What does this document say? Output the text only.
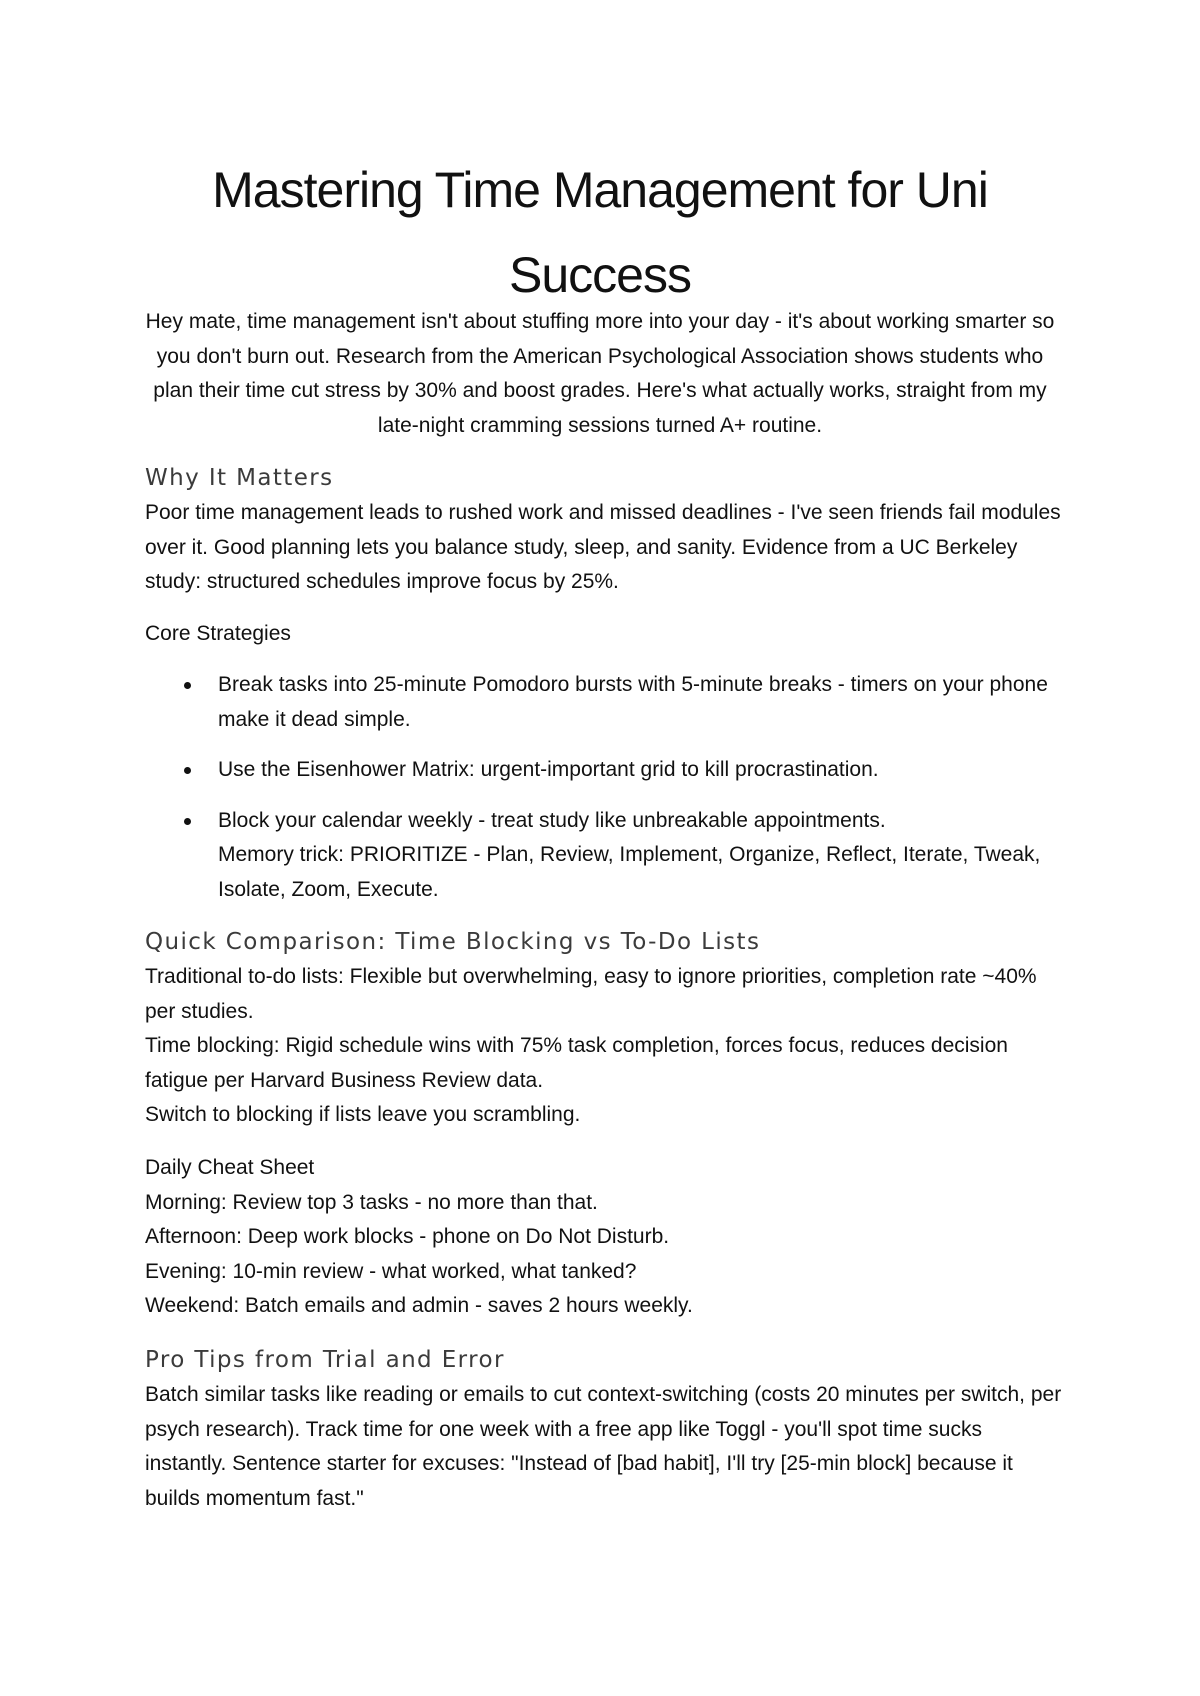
Mastering Time Management for Uni
Success

Hey mate, time management isn't about stuffing more into your day - it's about working smarter so you don't burn out. Research from the American Psychological Association shows students who plan their time cut stress by 30% and boost grades. Here's what actually works, straight from my late-night cramming sessions turned A+ routine.

Why It Matters

Poor time management leads to rushed work and missed deadlines - I've seen friends fail modules over it. Good planning lets you balance study, sleep, and sanity. Evidence from a UC Berkeley study: structured schedules improve focus by 25%.

Core Strategies

Break tasks into 25-minute Pomodoro bursts with 5-minute breaks - timers on your phone make it dead simple.
Use the Eisenhower Matrix: urgent-important grid to kill procrastination.
Block your calendar weekly - treat study like unbreakable appointments.
Memory trick: PRIORITIZE - Plan, Review, Implement, Organize, Reflect, Iterate, Tweak, Isolate, Zoom, Execute.
Quick Comparison: Time Blocking vs To-Do Lists
Traditional to-do lists: Flexible but overwhelming, easy to ignore priorities, completion rate ~40% per studies.
Time blocking: Rigid schedule wins with 75% task completion, forces focus, reduces decision fatigue per Harvard Business Review data.
Switch to blocking if lists leave you scrambling.
Daily Cheat Sheet
Morning: Review top 3 tasks - no more than that.
Afternoon: Deep work blocks - phone on Do Not Disturb.
Evening: 10-min review - what worked, what tanked?
Weekend: Batch emails and admin - saves 2 hours weekly.
Pro Tips from Trial and Error

Batch similar tasks like reading or emails to cut context-switching (costs 20 minutes per switch, per psych research). Track time for one week with a free app like Toggl - you'll spot time sucks instantly. Sentence starter for excuses: "Instead of [bad habit], I'll try [25-min block] because it builds momentum fast."
